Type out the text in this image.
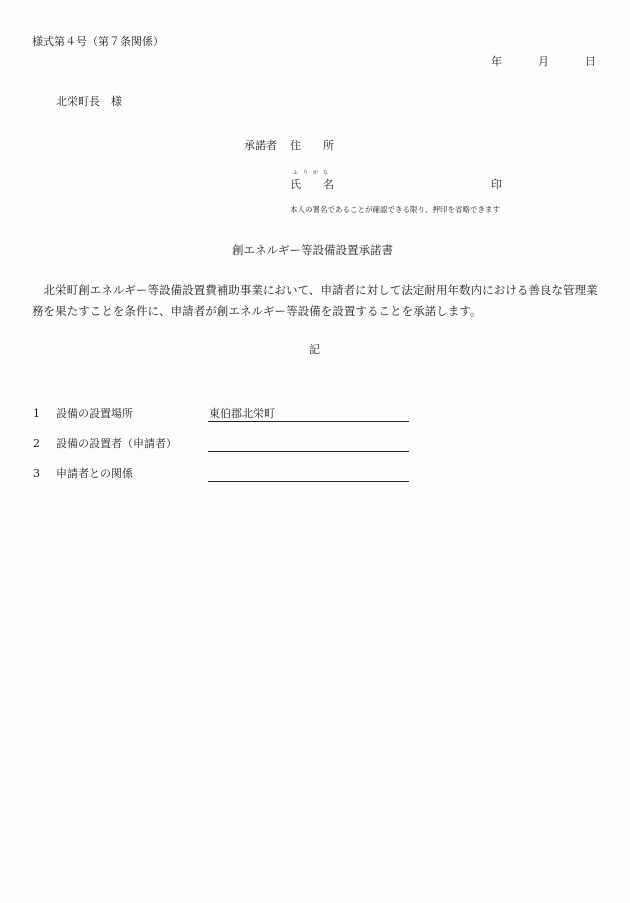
様式第４号（第７条関係）
年	月	日
北栄町長　様
承諾者 住　　所
ふ　り　が　な
氏　　名	印
本人の署名であることが確認できる限り、押印を省略できます
創エネルギー等設備設置承諾書
北栄町創エネルギー等設備設置費補助事業において、申請者に対して法定耐用年数内における善良な管理業務を果たすことを条件に、申請者が創エネルギー等設備を設置することを承諾します。
記
1 設備の設置場所	東伯郡北栄町
2 設備の設置者（申請者）
3 申請者との関係
